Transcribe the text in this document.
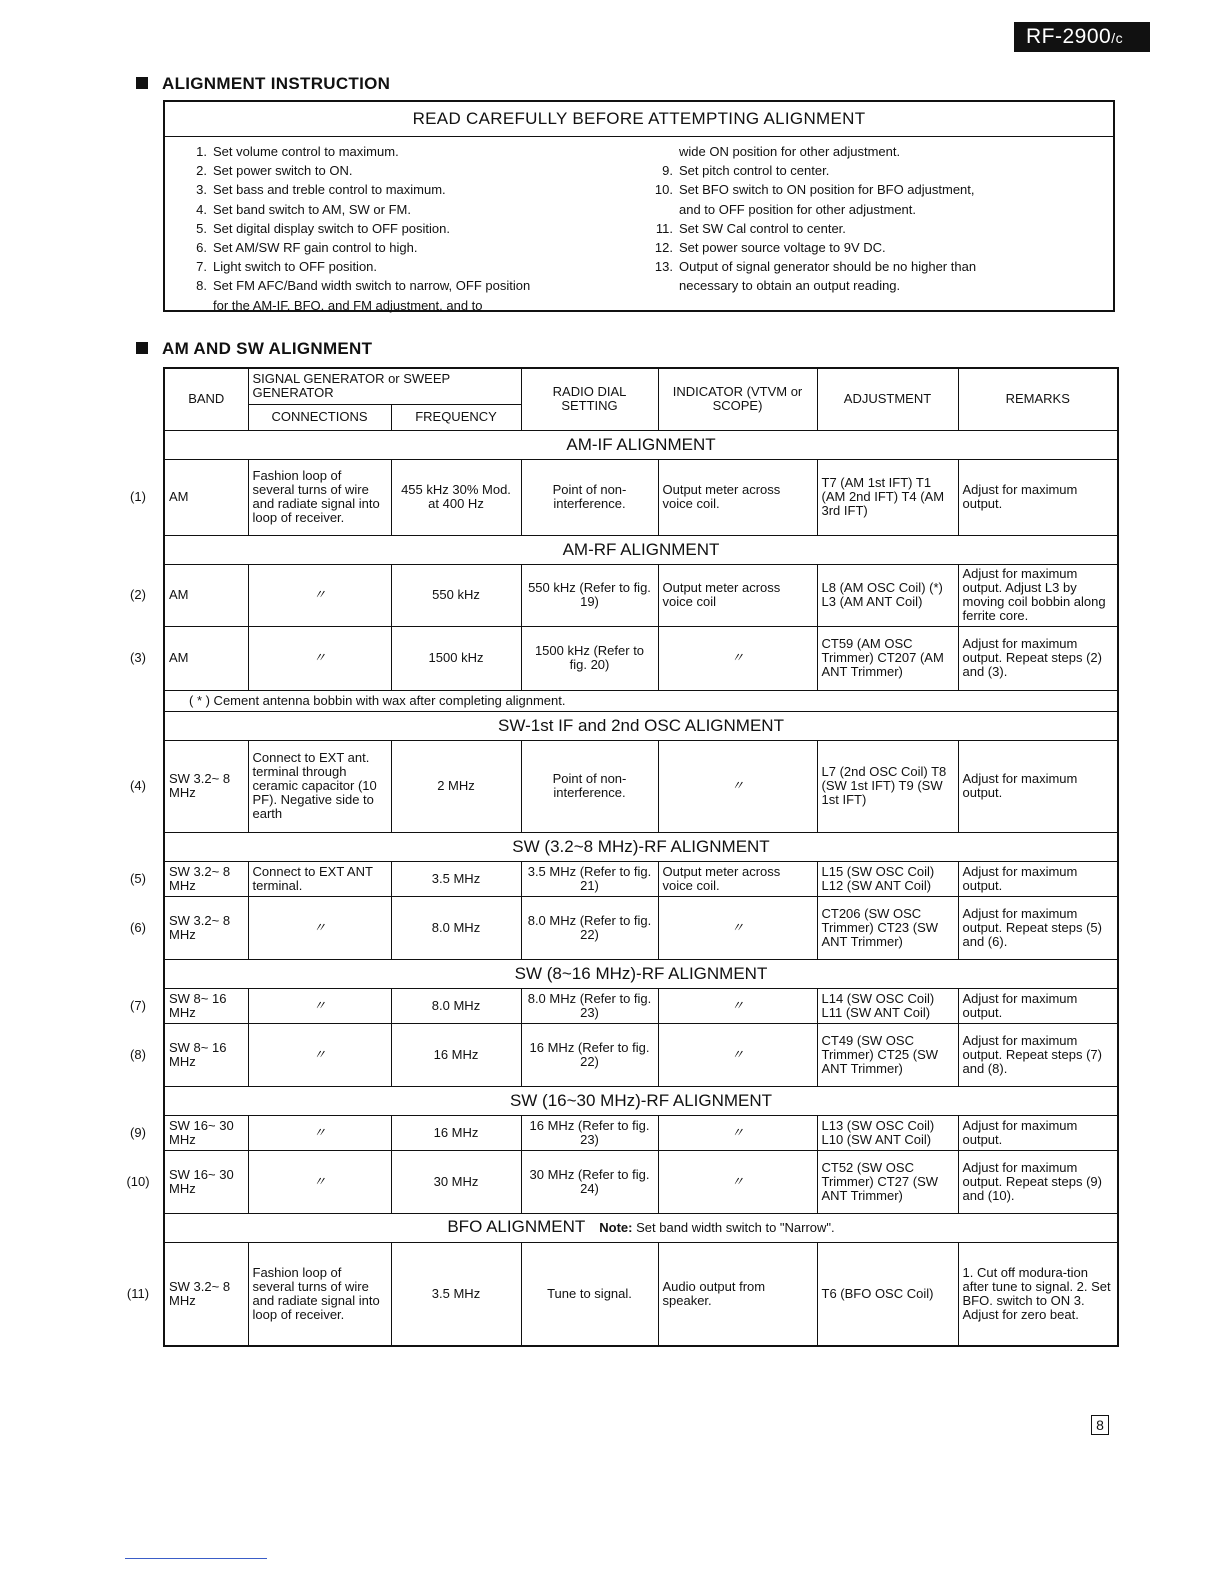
RF-2900/c
ALIGNMENT INSTRUCTION
READ CAREFULLY BEFORE ATTEMPTING ALIGNMENT
1. Set volume control to maximum.
2. Set power switch to ON.
3. Set bass and treble control to maximum.
4. Set band switch to AM, SW or FM.
5. Set digital display switch to OFF position.
6. Set AM/SW RF gain control to high.
7. Light switch to OFF position.
8. Set FM AFC/Band width switch to narrow, OFF position
for the AM-IF, BFO, and FM adjustment, and to
wide ON position for other adjustment.
9. Set pitch control to center.
10. Set BFO switch to ON position for BFO adjustment,
and to OFF position for other adjustment.
11. Set SW Cal control to center.
12. Set power source voltage to 9V DC.
13. Output of signal generator should be no higher than
necessary to obtain an output reading.
AM AND SW ALIGNMENT
BAND	SIGNAL GENERATOR or SWEEP GENERATOR		RADIO DIAL SETTING	INDICATOR (VTVM or SCOPE)	ADJUSTMENT	REMARKS
	CONNECTIONS	FREQUENCY				
AM-IF ALIGNMENT						
AM	Fashion loop of several turns of wire and radiate signal into loop of receiver.	455 kHz 30% Mod. at 400 Hz	Point of non-interference.	Output meter across voice coil.	T7 (AM 1st IFT) T1 (AM 2nd IFT) T4 (AM 3rd IFT)	Adjust for maximum output.
AM-RF ALIGNMENT						
AM	〃	550 kHz	550 kHz (Refer to fig. 19)	Output meter across voice coil	L8 (AM OSC Coil) (*) L3 (AM ANT Coil)	Adjust for maximum output. Adjust L3 by moving coil bobbin along ferrite core.
AM	〃	1500 kHz	1500 kHz (Refer to fig. 20)	〃	CT59 (AM OSC Trimmer) CT207 (AM ANT Trimmer)	Adjust for maximum output. Repeat steps (2) and (3).
( * ) Cement antenna bobbin with wax after completing alignment.						
SW-1st IF and 2nd OSC ALIGNMENT						
SW 3.2~ 8 MHz	Connect to EXT ant. terminal through ceramic capacitor (10 PF). Negative side to earth	2 MHz	Point of non-interference.	〃	L7 (2nd OSC Coil) T8 (SW 1st IFT) T9 (SW 1st IFT)	Adjust for maximum output.
SW (3.2~8 MHz)-RF ALIGNMENT						
SW 3.2~ 8 MHz	Connect to EXT ANT terminal.	3.5 MHz	3.5 MHz (Refer to fig. 21)	Output meter across voice coil.	L15 (SW OSC Coil) L12 (SW ANT Coil)	Adjust for maximum output.
SW 3.2~ 8 MHz	〃	8.0 MHz	8.0 MHz (Refer to fig. 22)	〃	CT206 (SW OSC Trimmer) CT23 (SW ANT Trimmer)	Adjust for maximum output. Repeat steps (5) and (6).
SW (8~16 MHz)-RF ALIGNMENT						
SW 8~ 16 MHz	〃	8.0 MHz	8.0 MHz (Refer to fig. 23)	〃	L14 (SW OSC Coil) L11 (SW ANT Coil)	Adjust for maximum output.
SW 8~ 16 MHz	〃	16 MHz	16 MHz (Refer to fig. 22)	〃	CT49 (SW OSC Trimmer) CT25 (SW ANT Trimmer)	Adjust for maximum output. Repeat steps (7) and (8).
SW (16~30 MHz)-RF ALIGNMENT						
SW 16~ 30 MHz	〃	16 MHz	16 MHz (Refer to fig. 23)	〃	L13 (SW OSC Coil) L10 (SW ANT Coil)	Adjust for maximum output.
SW 16~ 30 MHz	〃	30 MHz	30 MHz (Refer to fig. 24)	〃	CT52 (SW OSC Trimmer) CT27 (SW ANT Trimmer)	Adjust for maximum output. Repeat steps (9) and (10).
BFO ALIGNMENT Note: Set band width switch to "Narrow".						
SW 3.2~ 8 MHz	Fashion loop of several turns of wire and radiate signal into loop of receiver.	3.5 MHz	Tune to signal.	Audio output from speaker.	T6 (BFO OSC Coil)	1. Cut off modura-tion after tune to signal. 2. Set BFO. switch to ON 3. Adjust for zero beat.
(1)
(2)
(3)
(4)
(5)
(6)
(7)
(8)
(9)
(10)
(11)
8
